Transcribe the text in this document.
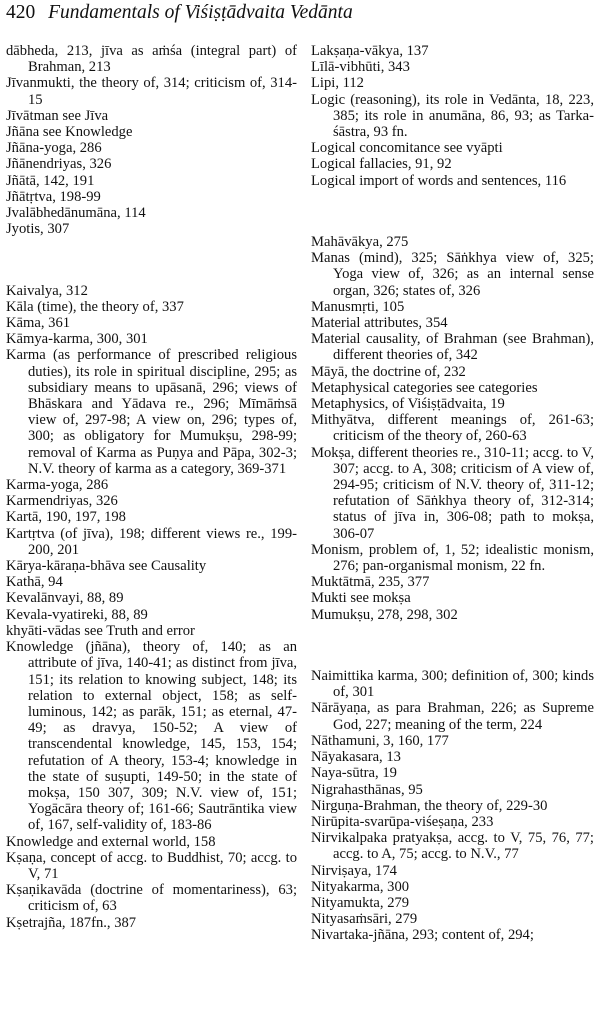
420 Fundamentals of Viśiṣṭādvaita Vedānta

dābheda, 213, jīva as aṁśa (integral part) of Brahman, 213

Jīvanmukti, the theory of, 314; criticism of, 314-15

Jīvātman see Jīva

Jñāna see Knowledge

Jñāna-yoga, 286

Jñānendriyas, 326

Jñātā, 142, 191

Jñātṛtva, 198-99

Jvalābhedānumāna, 114

Jyotis, 307

Kaivalya, 312

Kāla (time), the theory of, 337

Kāma, 361

Kāmya-karma, 300, 301

Karma (as performance of prescribed religious duties), its role in spiritual discipline, 295; as subsidiary means to upāsanā, 296; views of Bhāskara and Yādava re., 296; Mīmāṁsā view of, 297-98; A view on, 296; types of, 300; as obligatory for Mumukṣu, 298-99; removal of Karma as Puṇya and Pāpa, 302-3; N.V. theory of karma as a category, 369-371

Karma-yoga, 286

Karmendriyas, 326

Kartā, 190, 197, 198

Kartṛtva (of jīva), 198; different views re., 199-200, 201

Kārya-kāraṇa-bhāva see Causality

Kathā, 94

Kevalānvayi, 88, 89

Kevala-vyatireki, 88, 89

khyāti-vādas see Truth and error

Knowledge (jñāna), theory of, 140; as an attribute of jīva, 140-41; as distinct from jīva, 151; its relation to knowing subject, 148; its relation to external object, 158; as self-luminous, 142; as parāk, 151; as eternal, 47-49; as dravya, 150-52; A view of transcendental knowledge, 145, 153, 154; refutation of A theory, 153-4; knowledge in the state of suṣupti, 149-50; in the state of mokṣa, 150 307, 309; N.V. view of, 151; Yogācāra theory of; 161-66; Sautrāntika view of, 167, self-validity of, 183-86

Knowledge and external world, 158

Kṣaṇa, concept of accg. to Buddhist, 70; accg. to V, 71

Kṣaṇikavāda (doctrine of momentariness), 63; criticism of, 63

Kṣetrajña, 187fn., 387

Lakṣaṇa-vākya, 137

Līlā-vibhūti, 343

Lipi, 112

Logic (reasoning), its role in Vedānta, 18, 223, 385; its role in anumāna, 86, 93; as Tarka-śāstra, 93 fn.

Logical concomitance see vyāpti

Logical fallacies, 91, 92

Logical import of words and sentences, 116

Mahāvākya, 275

Manas (mind), 325; Sāṅkhya view of, 325; Yoga view of, 326; as an internal sense organ, 326; states of, 326

Manusmṛti, 105

Material attributes, 354

Material causality, of Brahman (see Brahman), different theories of, 342

Māyā, the doctrine of, 232

Metaphysical categories see categories

Metaphysics, of Viśiṣṭādvaita, 19

Mithyātva, different meanings of, 261-63; criticism of the theory of, 260-63

Mokṣa, different theories re., 310-11; accg. to V, 307; accg. to A, 308; criticism of A view of, 294-95; criticism of N.V. theory of, 311-12; refutation of Sāṅkhya theory of, 312-314; status of jīva in, 306-08; path to mokṣa, 306-07

Monism, problem of, 1, 52; idealistic monism, 276; pan-organismal monism, 22 fn.

Muktātmā, 235, 377

Mukti see mokṣa

Mumukṣu, 278, 298, 302

Naimittika karma, 300; definition of, 300; kinds of, 301

Nārāyaṇa, as para Brahman, 226; as Supreme God, 227; meaning of the term, 224

Nāthamuni, 3, 160, 177

Nāyakasara, 13

Naya-sūtra, 19

Nigrahasthānas, 95

Nirguṇa-Brahman, the theory of, 229-30

Nirūpita-svarūpa-viśeṣaṇa, 233

Nirvikalpaka pratyakṣa, accg. to V, 75, 76, 77; accg. to A, 75; accg. to N.V., 77

Nirviṣaya, 174

Nityakarma, 300

Nityamukta, 279

Nityasaṁsāri, 279

Nivartaka-jñāna, 293; content of, 294;
